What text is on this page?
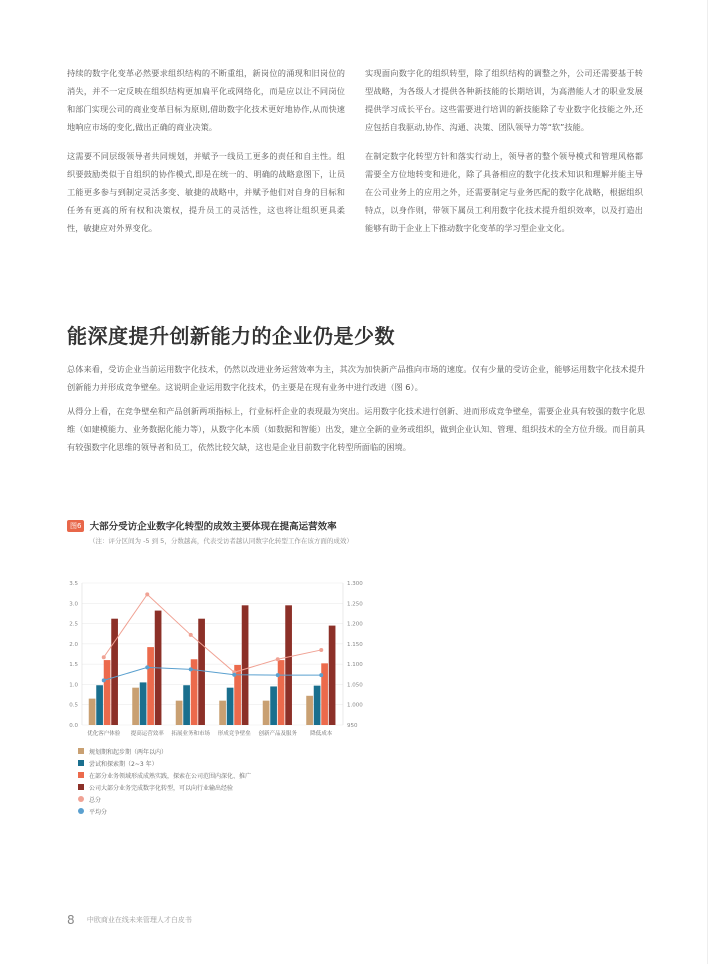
持续的数字化变革必然要求组织结构的不断重组，新岗位的涌现和旧岗位的消失，并不一定反映在组织结构更加扁平化或网络化，而是应以让不同岗位和部门实现公司的商业变革目标为原则,借助数字化技术更好地协作,从而快速地响应市场的变化,做出正确的商业决策。

这需要不同层级领导者共同规划，并赋予一线员工更多的责任和自主性。组织要鼓励类似于自组织的协作模式,即是在统一的、明确的战略意图下，让员工能更多参与到制定灵活多变、敏捷的战略中，并赋予他们对自身的目标和任务有更高的所有权和决策权，提升员工的灵活性，这也将让组织更具柔性，敏捷应对外界变化。

实现面向数字化的组织转型，除了组织结构的调整之外，公司还需要基于转型战略，为各级人才提供各种新技能的长期培训，为高潜能人才的职业发展提供学习成长平台。这些需要进行培训的新技能除了专业数字化技能之外,还应包括自我驱动,协作、沟通、决策、团队领导力等“软”技能。

在制定数字化转型方针和落实行动上，领导者的整个领导模式和管理风格都需要全方位地转变和进化，除了具备相应的数字化技术知识和理解并能主导在公司业务上的应用之外，还需要制定与业务匹配的数字化战略，根据组织特点，以身作则，带领下属员工利用数字化技术提升组织效率，以及打造出能够有助于企业上下推动数字化变革的学习型企业文化。

能深度提升创新能力的企业仍是少数

总体来看，受访企业当前运用数字化技术，仍然以改进业务运营效率为主，其次为加快新产品推向市场的速度。仅有少量的受访企业，能够运用数字化技术提升创新能力并形成竞争壁垒。这说明企业运用数字化技术，仍主要是在现有业务中进行改进（图 6）。

从得分上看，在竞争壁垒和产品创新两项指标上，行业标杆企业的表现最为突出。运用数字化技术进行创新、进而形成竞争壁垒，需要企业具有较强的数字化思维（如建模能力、业务数据化能力等），从数字化本质（如数据和智能）出发，建立全新的业务或组织，做到企业认知、管理、组织技术的全方位升级。而目前具有较强数字化思维的领导者和员工，依然比较欠缺，这也是企业目前数字化转型所面临的困境。

图6 大部分受访企业数字化转型的成效主要体现在提高运营效率
（注：评分区间为 -5 到 5，分数越高，代表受访者越认同数字化转型工作在该方面的成效）
0.0	950
0.5	1.000
1.0	1.050
1.5	1.100
2.0	1.150
2.5	1.200
3.0	1.250
3.5	1.300
优化客户体验 提高运营效率 拓展业务和市场 形成竞争壁垒 创新产品及服务 降低成本
规划期和起步期（两年以内）
尝试和探索期（2~3 年）
在部分业务领域形成成熟实践，探索在公司范围内深化、推广
公司大部分业务完成数字化转型，可以向行业输出经验
总分
平均分
8 中欧商业在线未来管理人才白皮书
